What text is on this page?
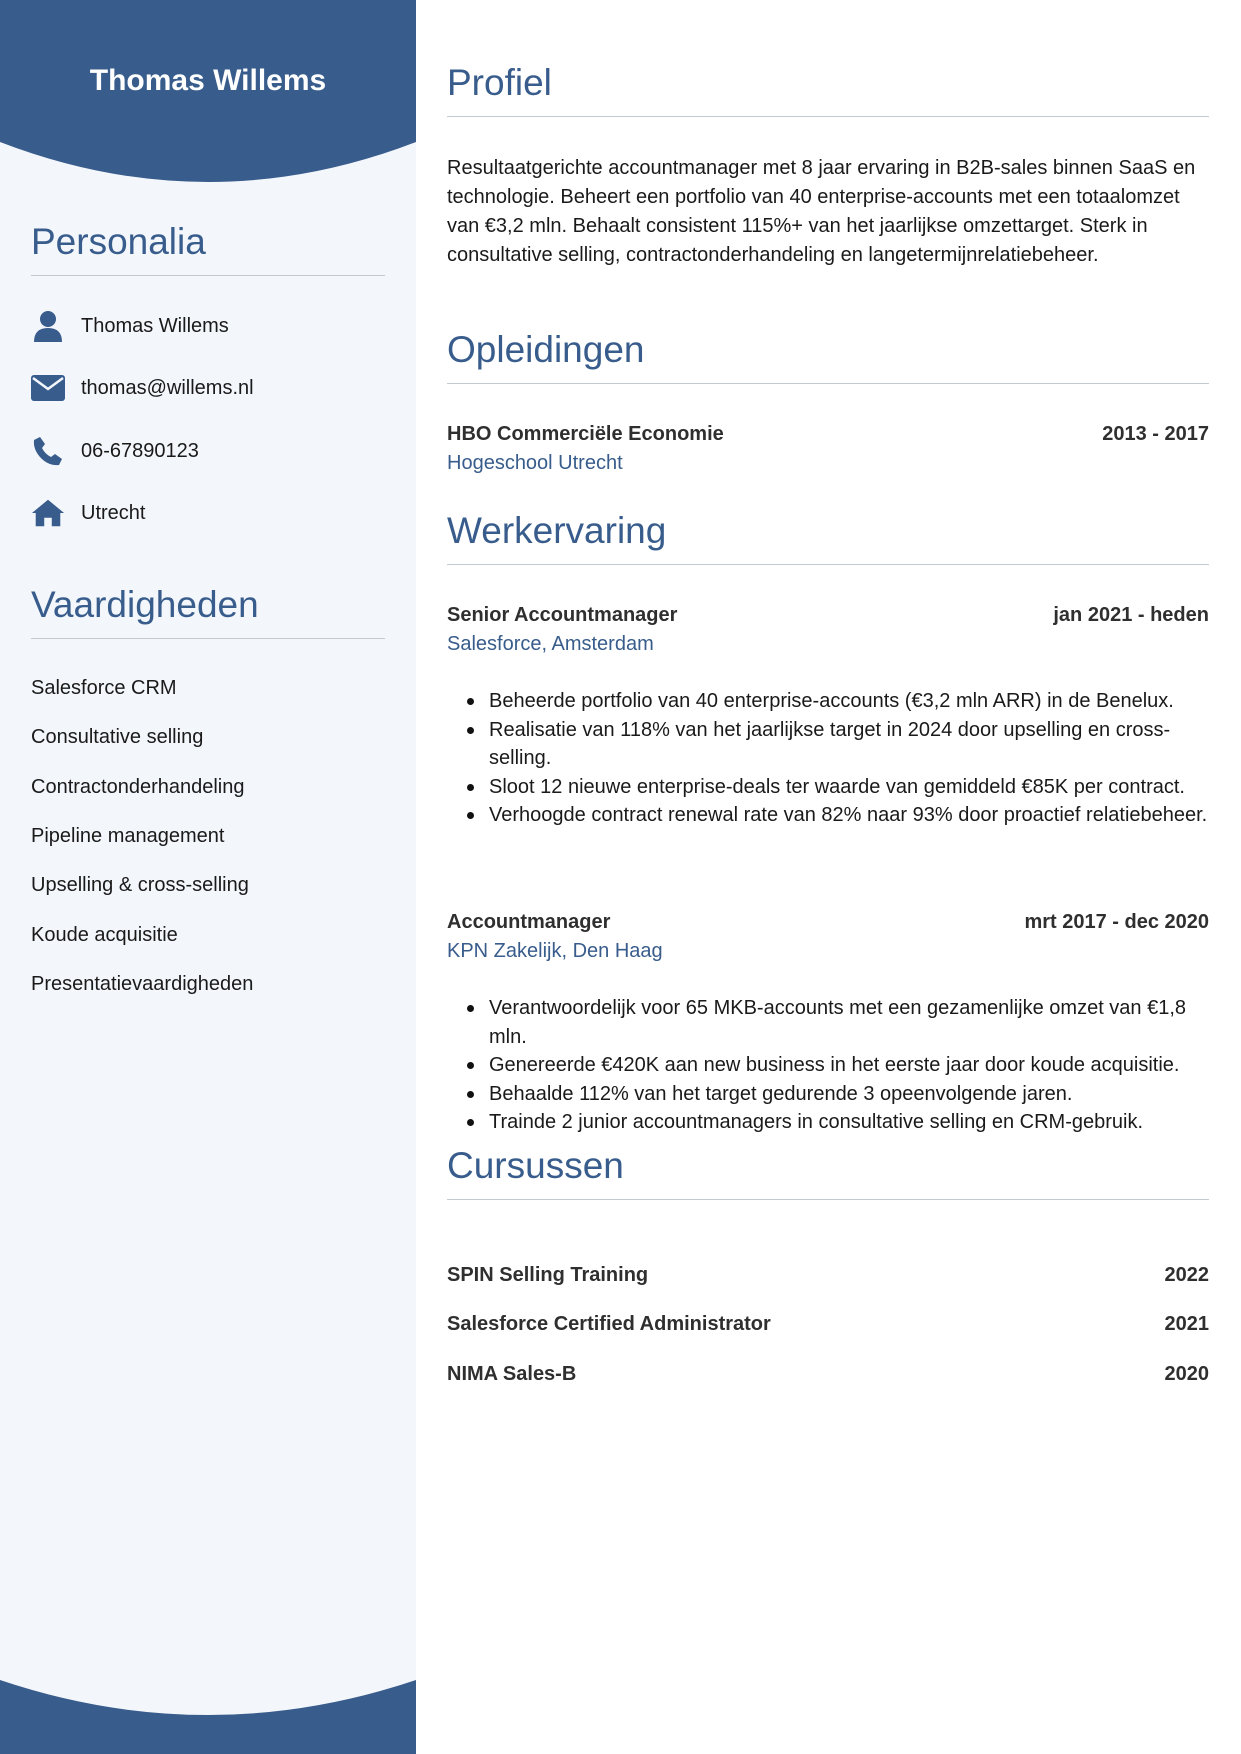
Thomas Willems
Personalia
Thomas Willems
thomas@willems.nl
06-67890123
Utrecht
Vaardigheden
Salesforce CRM
Consultative selling
Contractonderhandeling
Pipeline management
Upselling & cross-selling
Koude acquisitie
Presentatievaardigheden
Profiel
Resultaatgerichte accountmanager met 8 jaar ervaring in B2B-sales binnen SaaS en technologie. Beheert een portfolio van 40 enterprise-accounts met een totaalomzet van €3,2 mln. Behaalt consistent 115%+ van het jaarlijkse omzettarget. Sterk in consultative selling, contractonderhandeling en langetermijnrelatiebeheer.
Opleidingen
HBO Commerciële Economie	2013 - 2017
Hogeschool Utrecht
Werkervaring
Senior Accountmanager	jan 2021 - heden
Salesforce, Amsterdam
Beheerde portfolio van 40 enterprise-accounts (€3,2 mln ARR) in de Benelux.
Realisatie van 118% van het jaarlijkse target in 2024 door upselling en cross-selling.
Sloot 12 nieuwe enterprise-deals ter waarde van gemiddeld €85K per contract.
Verhoogde contract renewal rate van 82% naar 93% door proactief relatiebeheer.
Accountmanager	mrt 2017 - dec 2020
KPN Zakelijk, Den Haag
Verantwoordelijk voor 65 MKB-accounts met een gezamenlijke omzet van €1,8 mln.
Genereerde €420K aan new business in het eerste jaar door koude acquisitie.
Behaalde 112% van het target gedurende 3 opeenvolgende jaren.
Trainde 2 junior accountmanagers in consultative selling en CRM-gebruik.
Cursussen
SPIN Selling Training	2022
Salesforce Certified Administrator	2021
NIMA Sales-B	2020
